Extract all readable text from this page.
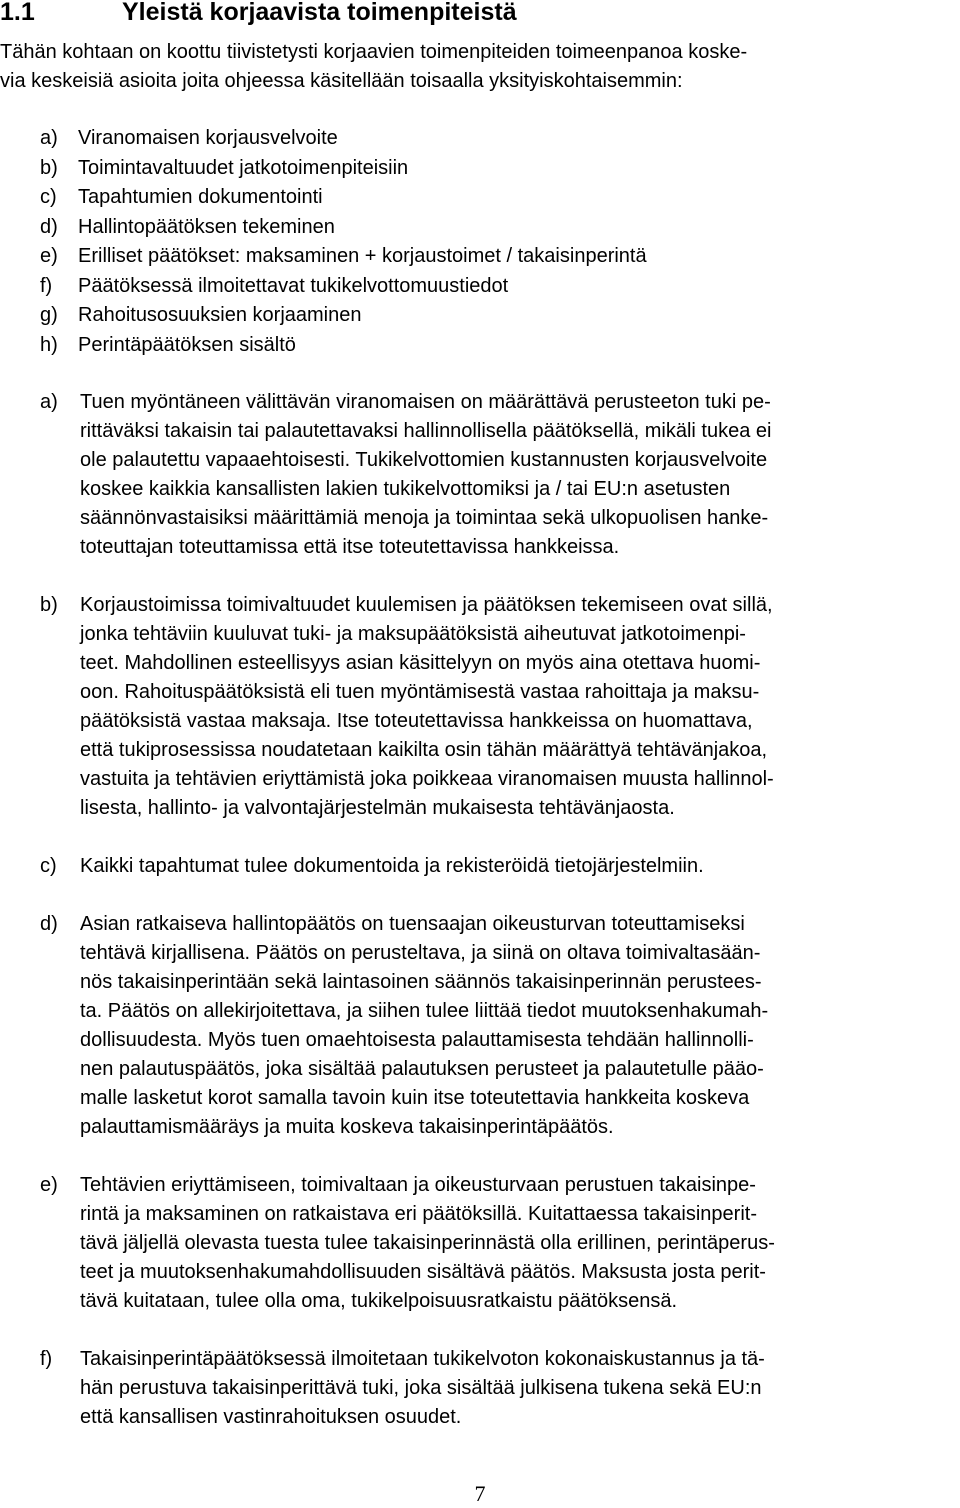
1.1	Yleistä korjaavista toimenpiteistä
Tähän kohtaan on koottu tiivistetysti korjaavien toimenpiteiden toimeenpanoa koske-
via keskeisiä asioita joita ohjeessa käsitellään toisaalla yksityiskohtaisemmin:
a) Viranomaisen korjausvelvoite
b) Toimintavaltuudet jatkotoimenpiteisiin
c) Tapahtumien dokumentointi
d) Hallintopäätöksen tekeminen
e) Erilliset päätökset: maksaminen + korjaustoimet / takaisinperintä
f) Päätöksessä ilmoitettavat tukikelvottomuustiedot
g) Rahoitusosuuksien korjaaminen
h) Perintäpäätöksen sisältö
a) Tuen myöntäneen välittävän viranomaisen on määrättävä perusteeton tuki pe-
rittäväksi takaisin tai palautettavaksi hallinnollisella päätöksellä, mikäli tukea ei
ole palautettu vapaaehtoisesti. Tukikelvottomien kustannusten korjausvelvoite
koskee kaikkia kansallisten lakien tukikelvottomiksi ja / tai EU:n asetusten
säännönvastaisiksi määrittämiä menoja ja toimintaa sekä ulkopuolisen hanke-
toteuttajan toteuttamissa että itse toteutettavissa hankkeissa.
b) Korjaustoimissa toimivaltuudet kuulemisen ja päätöksen tekemiseen ovat sillä,
jonka tehtäviin kuuluvat tuki- ja maksupäätöksistä aiheutuvat jatkotoimenpi-
teet. Mahdollinen esteellisyys asian käsittelyyn on myös aina otettava huomi-
oon. Rahoituspäätöksistä eli tuen myöntämisestä vastaa rahoittaja ja maksu-
päätöksistä vastaa maksaja. Itse toteutettavissa hankkeissa on huomattava,
että tukiprosessissa noudatetaan kaikilta osin tähän määrättyä tehtävänjakoa,
vastuita ja tehtävien eriyttämistä joka poikkeaa viranomaisen muusta hallinnol-
lisesta, hallinto- ja valvontajärjestelmän mukaisesta tehtävänjaosta.
c) Kaikki tapahtumat tulee dokumentoida ja rekisteröidä tietojärjestelmiin.
d) Asian ratkaiseva hallintopäätös on tuensaajan oikeusturvan toteuttamiseksi
tehtävä kirjallisena. Päätös on perusteltava, ja siinä on oltava toimivaltasään-
nös takaisinperintään sekä laintasoinen säännös takaisinperinnän perustees-
ta. Päätös on allekirjoitettava, ja siihen tulee liittää tiedot muutoksenhakumah-
dollisuudesta. Myös tuen omaehtoisesta palauttamisesta tehdään hallinnolli-
nen palautuspäätös, joka sisältää palautuksen perusteet ja palautetulle pääo-
malle lasketut korot samalla tavoin kuin itse toteutettavia hankkeita koskeva
palauttamismääräys ja muita koskeva takaisinperintäpäätös.
e) Tehtävien eriyttämiseen, toimivaltaan ja oikeusturvaan perustuen takaisinpe-
rintä ja maksaminen on ratkaistava eri päätöksillä. Kuitattaessa takaisinperit-
tävä jäljellä olevasta tuesta tulee takaisinperinnästä olla erillinen, perintäperus-
teet ja muutoksenhakumahdollisuuden sisältävä päätös. Maksusta josta perit-
tävä kuitataan, tulee olla oma, tukikelpoisuusratkaistu päätöksensä.
f) Takaisinperintäpäätöksessä ilmoitetaan tukikelvoton kokonaiskustannus ja tä-
hän perustuva takaisinperittävä tuki, joka sisältää julkisena tukena sekä EU:n
että kansallisen vastinrahoituksen osuudet.
7
